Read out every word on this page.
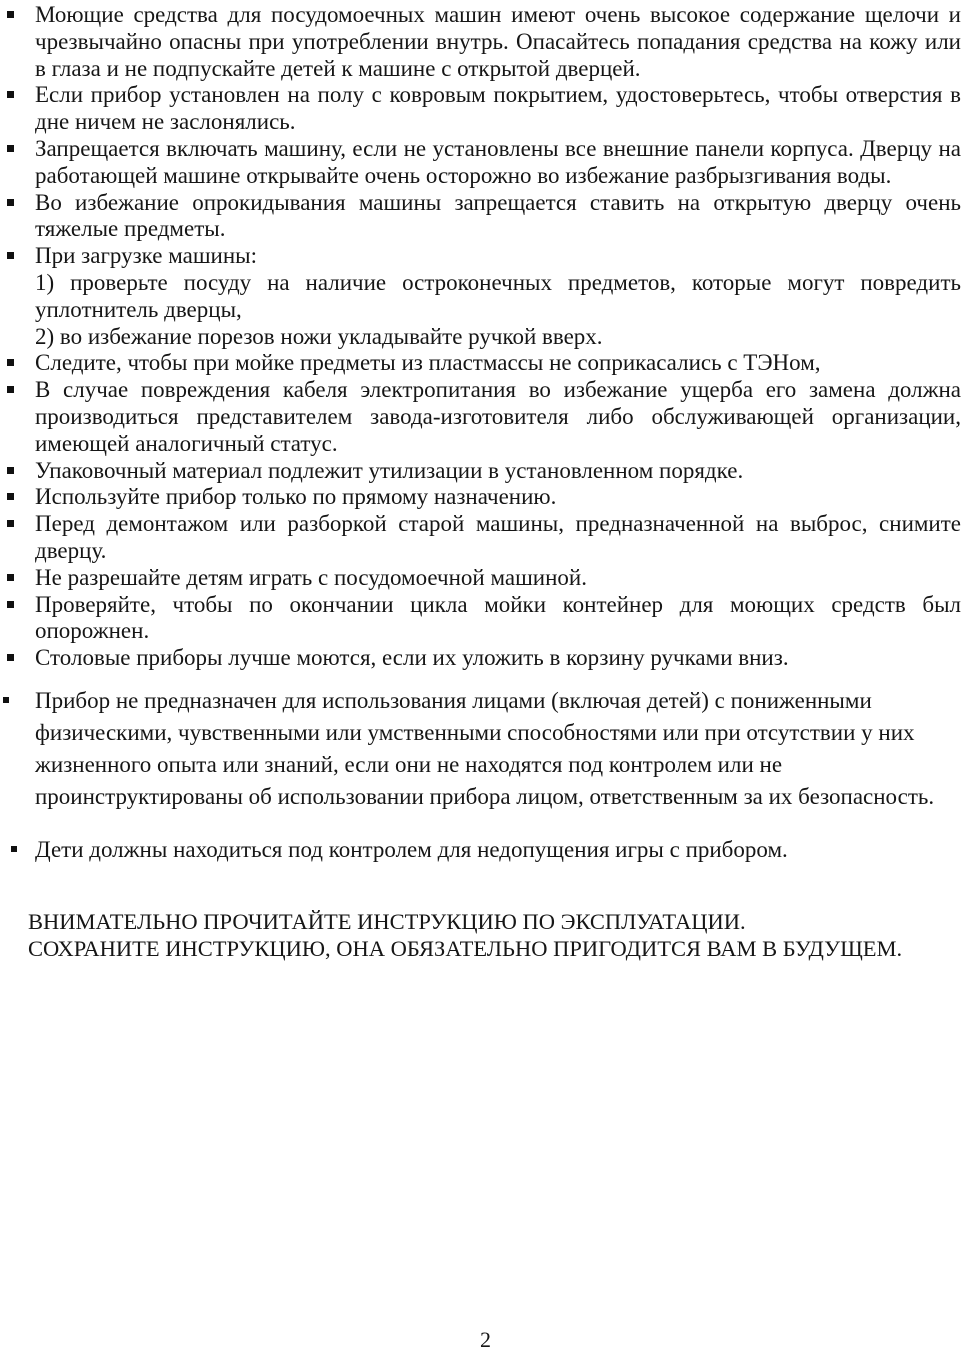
Моющие средства для посудомоечных машин имеют очень высокое содержание щелочи и чрезвычайно опасны при употреблении внутрь. Опасайтесь попадания средства на кожу или в глаза и не подпускайте детей к машине с открытой дверцей.

Если прибор установлен на полу с ковровым покрытием, удостоверьтесь, чтобы отверстия в дне ничем не заслонялись.

Запрещается включать машину, если не установлены все внешние панели корпуса. Дверцу на работающей машине открывайте очень осторожно во избежание разбрызгивания воды.

Во избежание опрокидывания машины запрещается ставить на открытую дверцу очень тяжелые предметы.

При загрузке машины:

1) проверьте посуду на наличие остроконечных предметов, которые могут повредить уплотнитель дверцы,

2) во избежание порезов ножи укладывайте ручкой вверх.

Следите, чтобы при мойке предметы из пластмассы не соприкасались с ТЭНом,

В случае повреждения кабеля электропитания во избежание ущерба его замена должна производиться представителем завода-изготовителя либо обслуживающей организации, имеющей аналогичный статус.

Упаковочный материал подлежит утилизации в установленном порядке.

Используйте прибор только по прямому назначению.

Перед демонтажом или разборкой старой машины, предназначенной на выброс, снимите дверцу.

Не разрешайте детям играть с посудомоечной машиной.

Проверяйте, чтобы по окончании цикла мойки контейнер для моющих средств был опорожнен.

Столовые приборы лучше моются, если их уложить в корзину ручками вниз.

Прибор не предназначен для использования лицами (включая детей) с пониженными физическими, чувственными или умственными способностями или при отсутствии у них жизненного опыта или знаний, если они не находятся под контролем или не проинструктированы об использовании прибора лицом, ответственным за их безопасность.

Дети должны находиться под контролем для недопущения игры с прибором.

ВНИМАТЕЛЬНО ПРОЧИТАЙТЕ ИНСТРУКЦИЮ ПО ЭКСПЛУАТАЦИИ.

СОХРАНИТЕ ИНСТРУКЦИЮ, ОНА ОБЯЗАТЕЛЬНО ПРИГОДИТСЯ ВАМ В БУДУЩЕМ.

2
